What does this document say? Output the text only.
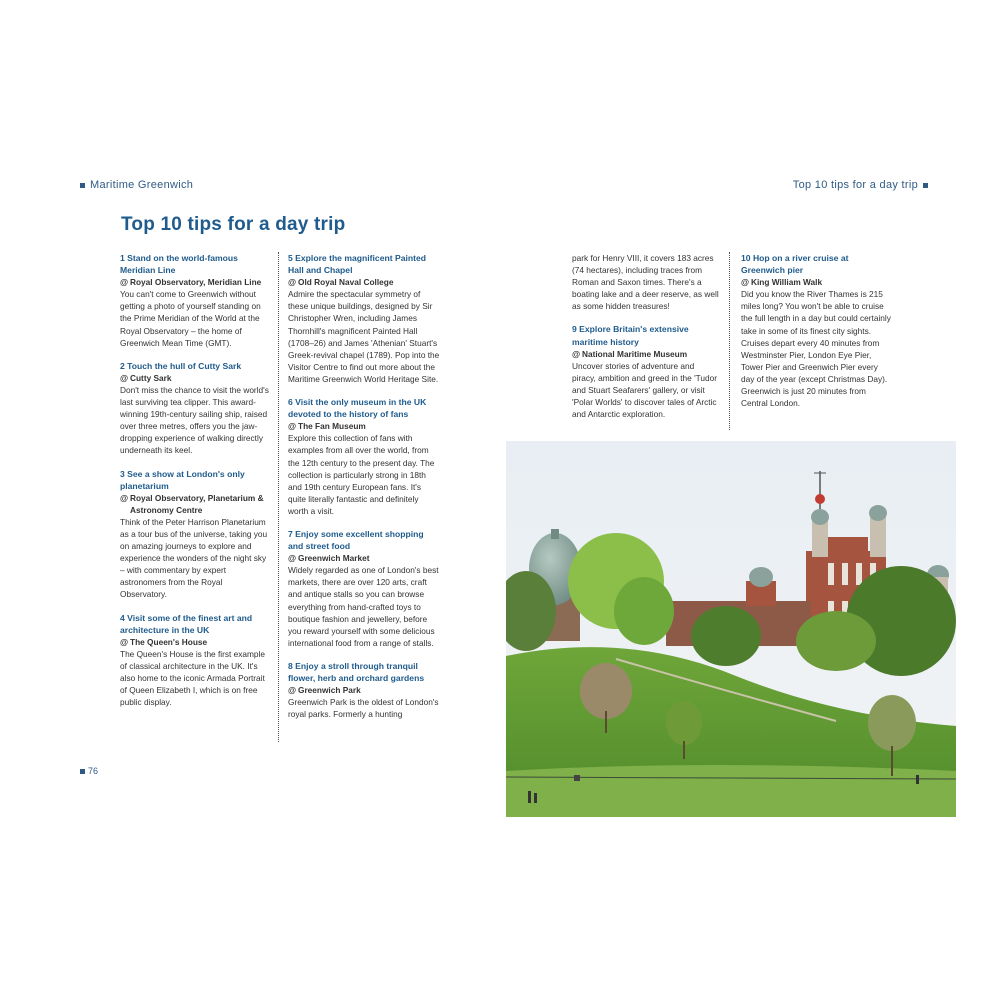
Maritime Greenwich	Top 10 tips for a day trip
Top 10 tips for a day trip
1 Stand on the world-famous Meridian Line
@ Royal Observatory, Meridian Line
You can't come to Greenwich without getting a photo of yourself standing on the Prime Meridian of the World at the Royal Observatory – the home of Greenwich Mean Time (GMT).
2 Touch the hull of Cutty Sark
@ Cutty Sark
Don't miss the chance to visit the world's last surviving tea clipper. This award-winning 19th-century sailing ship, raised over three metres, offers you the jaw-dropping experience of walking directly underneath its keel.
3 See a show at London's only planetarium
@ Royal Observatory, Planetarium & Astronomy Centre
Think of the Peter Harrison Planetarium as a tour bus of the universe, taking you on amazing journeys to explore and experience the wonders of the night sky – with commentary by expert astronomers from the Royal Observatory.
4 Visit some of the finest art and architecture in the UK
@ The Queen's House
The Queen's House is the first example of classical architecture in the UK. It's also home to the iconic Armada Portrait of Queen Elizabeth I, which is on free public display.
5 Explore the magnificent Painted Hall and Chapel
@ Old Royal Naval College
Admire the spectacular symmetry of these unique buildings, designed by Sir Christopher Wren, including James Thornhill's magnificent Painted Hall (1708–26) and James 'Athenian' Stuart's Greek-revival chapel (1789). Pop into the Visitor Centre to find out more about the Maritime Greenwich World Heritage Site.
6 Visit the only museum in the UK devoted to the history of fans
@ The Fan Museum
Explore this collection of fans with examples from all over the world, from the 12th century to the present day. The collection is particularly strong in 18th and 19th century European fans. It's quite literally fantastic and definitely worth a visit.
7 Enjoy some excellent shopping and street food
@ Greenwich Market
Widely regarded as one of London's best markets, there are over 120 arts, craft and antique stalls so you can browse everything from hand-crafted toys to boutique fashion and jewellery, before you reward yourself with some delicious international food from a range of stalls.
8 Enjoy a stroll through tranquil flower, herb and orchard gardens
@ Greenwich Park
Greenwich Park is the oldest of London's royal parks. Formerly a hunting
park for Henry VIII, it covers 183 acres (74 hectares), including traces from Roman and Saxon times. There's a boating lake and a deer reserve, as well as some hidden treasures!
9 Explore Britain's extensive maritime history
@ National Maritime Museum
Uncover stories of adventure and piracy, ambition and greed in the 'Tudor and Stuart Seafarers' gallery, or visit 'Polar Worlds' to discover tales of Arctic and Antarctic exploration.
10 Hop on a river cruise at Greenwich pier
@ King William Walk
Did you know the River Thames is 215 miles long? You won't be able to cruise the full length in a day but could certainly take in some of its finest city sights. Cruises depart every 40 minutes from Westminster Pier, London Eye Pier, Tower Pier and Greenwich Pier every day of the year (except Christmas Day). Greenwich is just 20 minutes from Central London.
76
